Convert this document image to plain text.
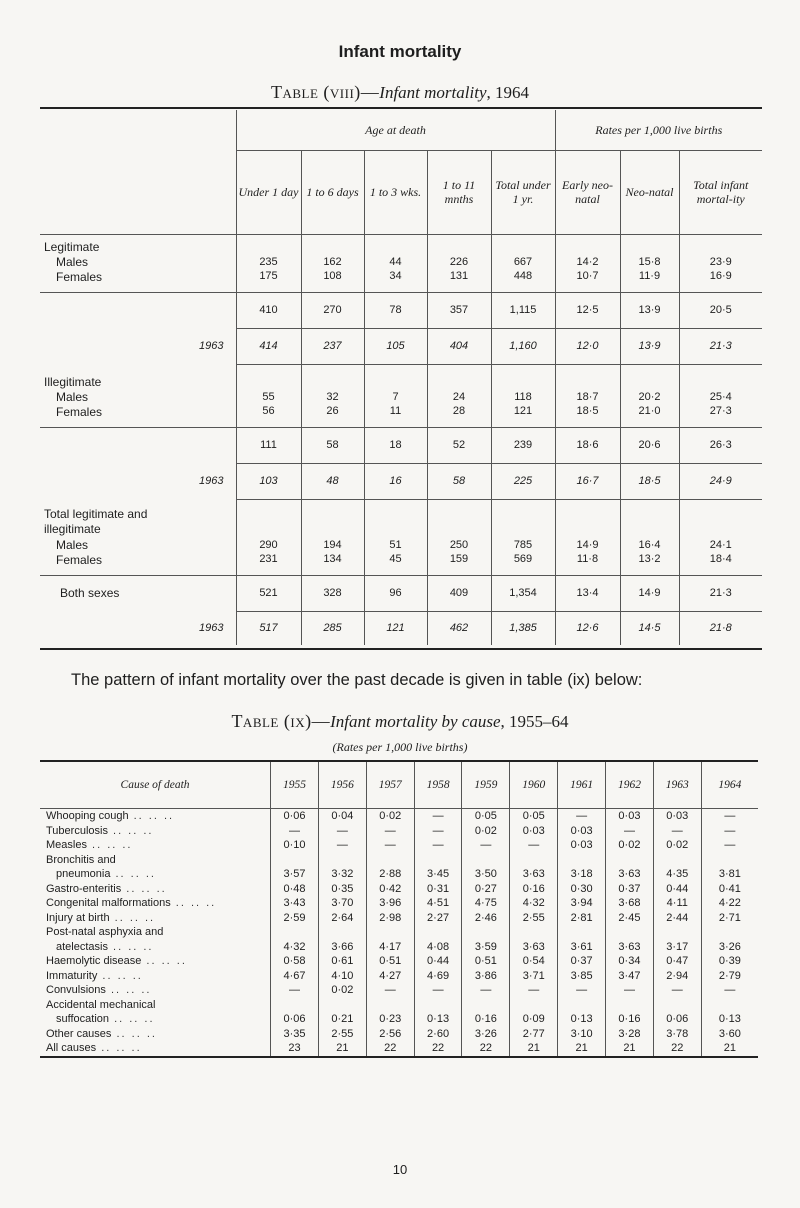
Infant mortality
Table (viii)—Infant mortality, 1964
	Age at death					Rates per 1,000 live births		
	Under 1 day	1 to 6 days	1 to 3 wks.	1 to 11 mnths	Total under 1 yr.	Early neo-natal	Neo-natal	Total infant mortal-ity
Legitimate								
Males	235	162	44	226	667	14·2	15·8	23·9
Females	175	108	34	131	448	10·7	11·9	16·9
	410	270	78	357	1,115	12·5	13·9	20·5
1963	414	237	105	404	1,160	12·0	13·9	21·3
Illegitimate								
Males	55	32	7	24	118	18·7	20·2	25·4
Females	56	26	11	28	121	18·5	21·0	27·3
	111	58	18	52	239	18·6	20·6	26·3
1963	103	48	16	58	225	16·7	18·5	24·9
Total legitimate and illegitimate								
Males	290	194	51	250	785	14·9	16·4	24·1
Females	231	134	45	159	569	11·8	13·2	18·4
Both sexes	521	328	96	409	1,354	13·4	14·9	21·3
1963	517	285	121	462	1,385	12·6	14·5	21·8
The pattern of infant mortality over the past decade is given in table (ix) below:
Table (ix)—Infant mortality by cause, 1955–64
(Rates per 1,000 live births)
Cause of death	1955	1956	1957	1958	1959	1960	1961	1962	1963	1964
Whooping cough .. .. ..	0·06	0·04	0·02	—	0·05	0·05	—	0·03	0·03	—
Tuberculosis .. .. ..	—	—	—	—	0·02	0·03	0·03	—	—	—
Measles .. .. ..	0·10	—	—	—	—	—	0·03	0·02	0·02	—
Bronchitis and										
pneumonia .. .. ..	3·57	3·32	2·88	3·45	3·50	3·63	3·18	3·63	4·35	3·81
Gastro-enteritis .. .. ..	0·48	0·35	0·42	0·31	0·27	0·16	0·30	0·37	0·44	0·41
Congenital malformations .. .. ..	3·43	3·70	3·96	4·51	4·75	4·32	3·94	3·68	4·11	4·22
Injury at birth .. .. ..	2·59	2·64	2·98	2·27	2·46	2·55	2·81	2·45	2·44	2·71
Post-natal asphyxia and										
atelectasis .. .. ..	4·32	3·66	4·17	4·08	3·59	3·63	3·61	3·63	3·17	3·26
Haemolytic disease .. .. ..	0·58	0·61	0·51	0·44	0·51	0·54	0·37	0·34	0·47	0·39
Immaturity .. .. ..	4·67	4·10	4·27	4·69	3·86	3·71	3·85	3·47	2·94	2·79
Convulsions .. .. ..	—	0·02	—	—	—	—	—	—	—	—
Accidental mechanical										
suffocation .. .. ..	0·06	0·21	0·23	0·13	0·16	0·09	0·13	0·16	0·06	0·13
Other causes .. .. ..	3·35	2·55	2·56	2·60	3·26	2·77	3·10	3·28	3·78	3·60
All causes .. .. ..	23	21	22	22	22	21	21	21	22	21
10
